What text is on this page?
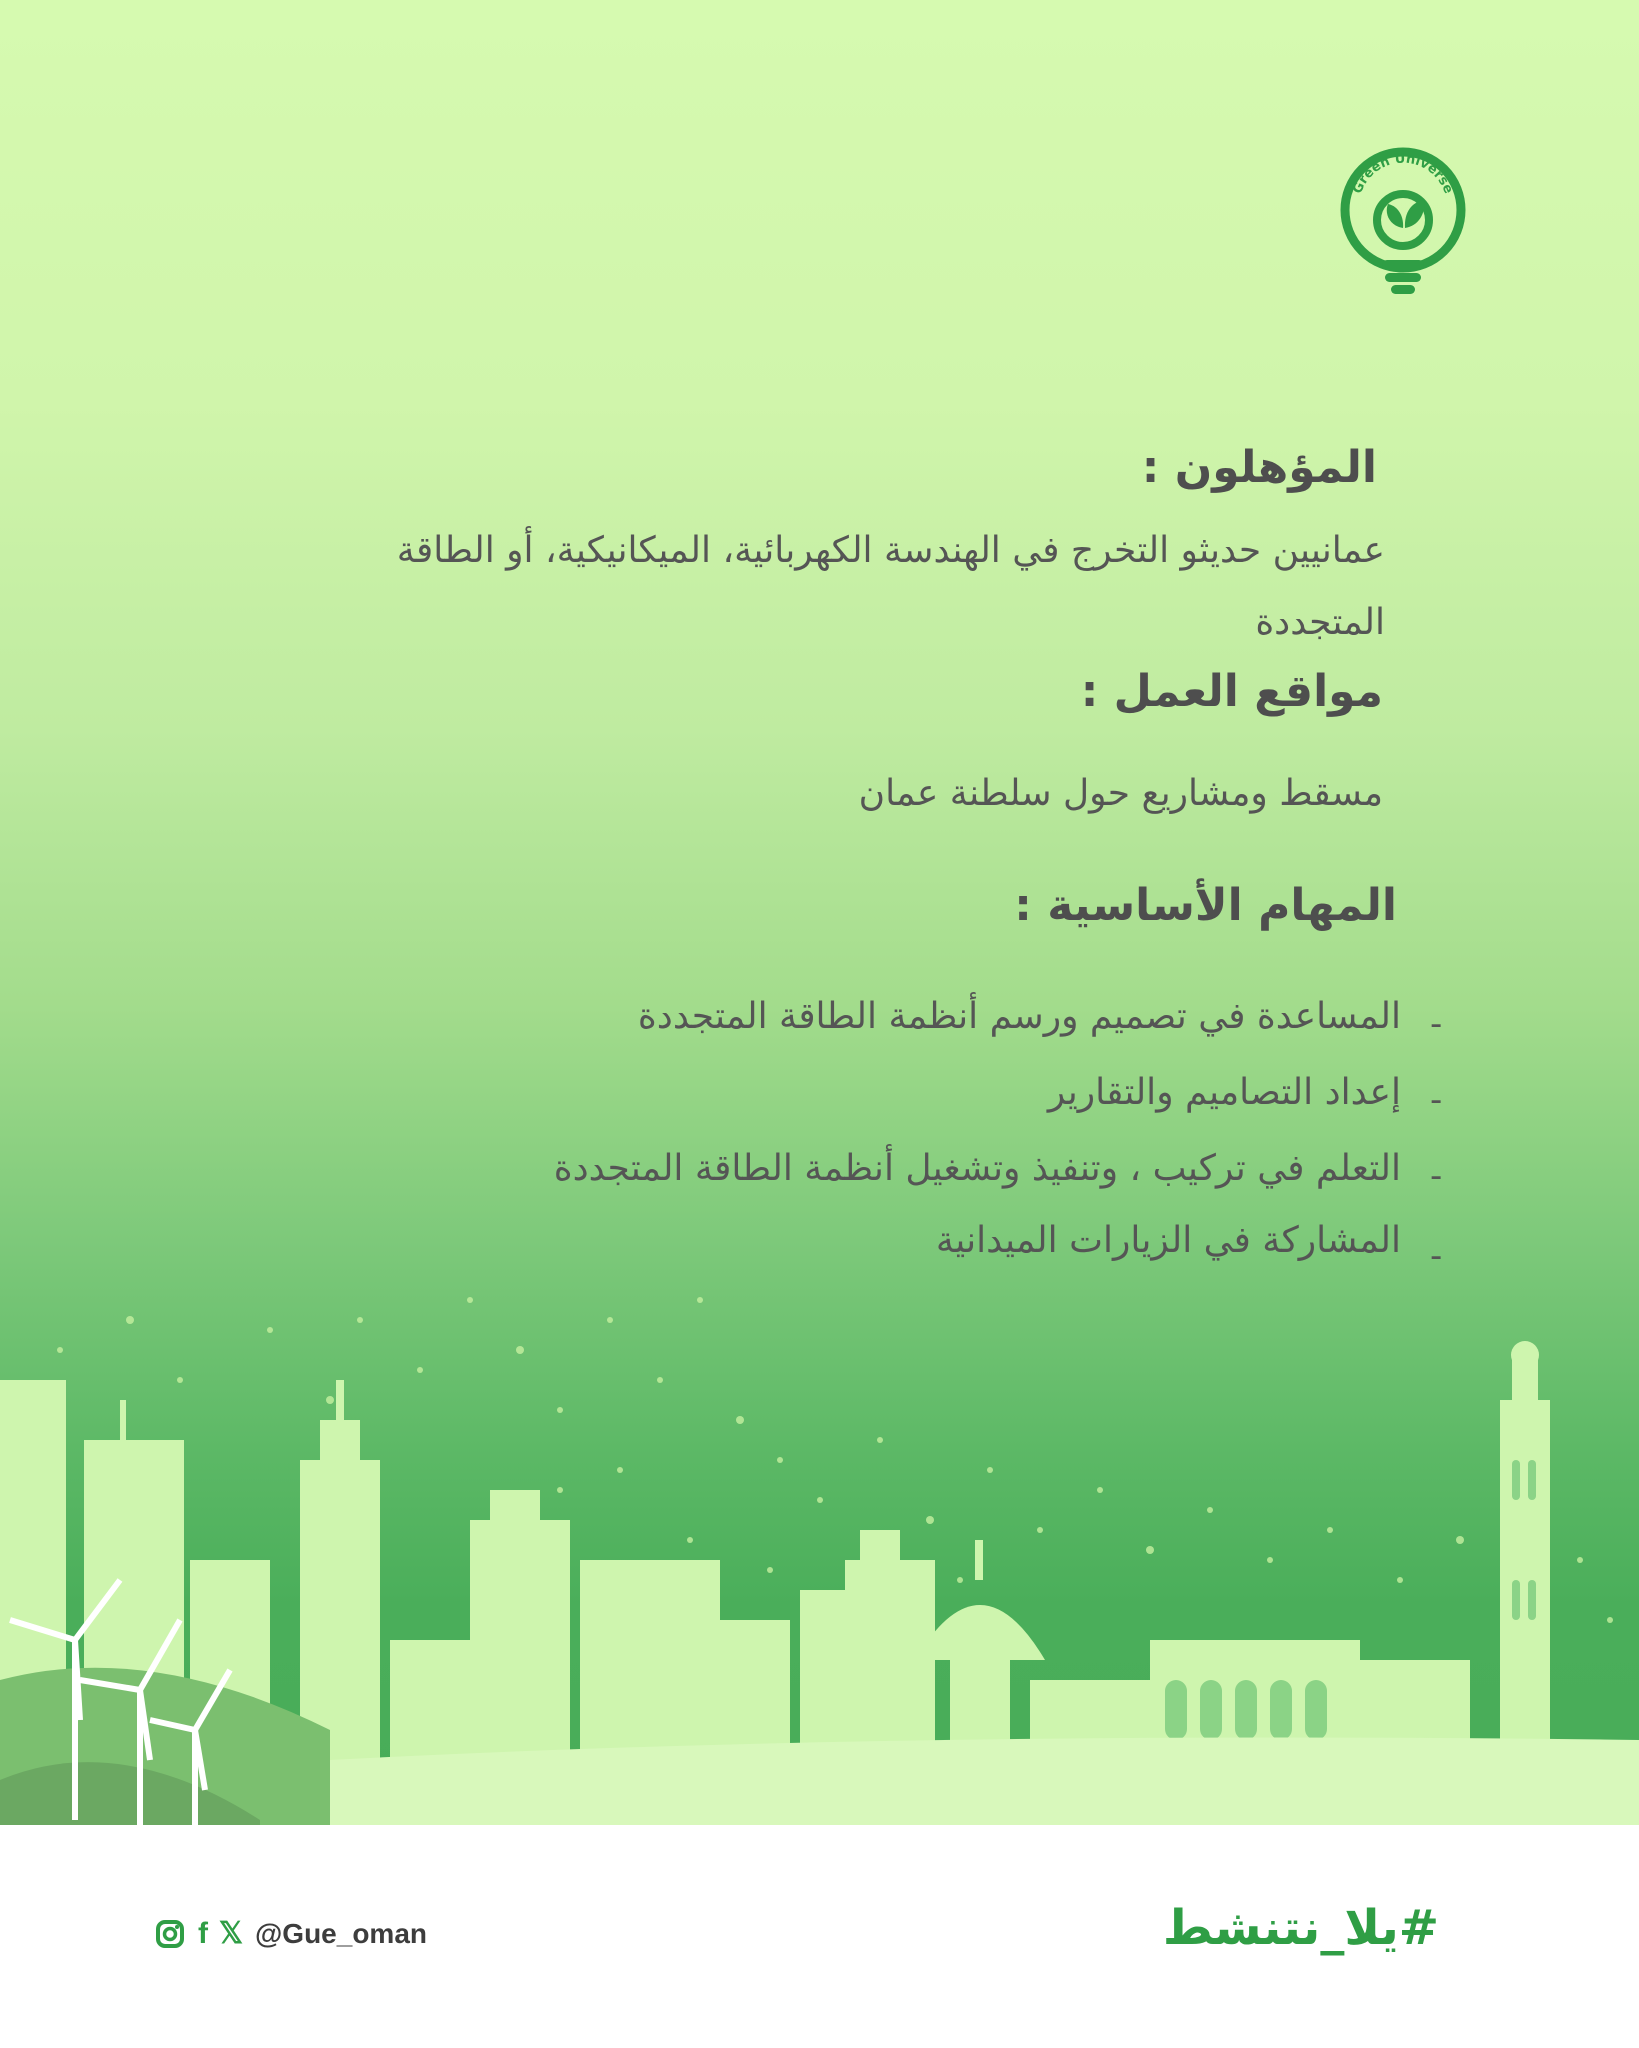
Green Universe
المؤهلون :

عمانيين حديثو التخرج في الهندسة الكهربائية، الميكانيكية، أو الطاقة

المتجددة

مواقع العمل :

مسقط ومشاريع حول سلطنة عمان

المهام الأساسية :
-

المساعدة في تصميم ورسم أنظمة الطاقة المتجددة

-

إعداد التصاميم والتقارير

-

التعلم في تركيب ، وتنفيذ وتشغيل أنظمة الطاقة المتجددة

-

المشاركة في الزيارات الميدانية

f 𝕏 @Gue_oman	#يلا_نتنشط
